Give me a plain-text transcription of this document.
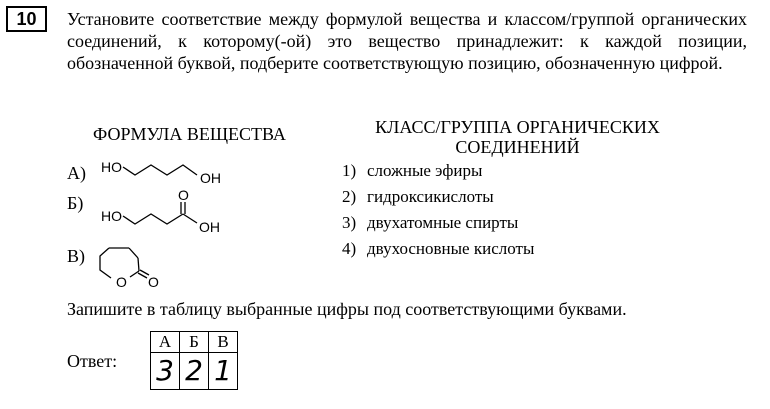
10	Установите соответствие между формулой вещества и классом/группой органических соединений, к которому(-ой) это вещество принадлежит: к каждой позиции, обозначенной буквой, подберите соответствующую позицию, обозначенную цифрой.

ФОРМУЛА ВЕЩЕСТВА	КЛАСС/ГРУППА ОРГАНИЧЕСКИХ
СОЕДИНЕНИЙ
А) HO
OH
Б)
HO
O
OH
В)
O O
1) сложные эфиры
2) гидроксикислоты
3) двухатомные спирты
4) двухосновные кислоты
Запишите в таблицу выбранные цифры под соответствующими буквами.
Ответ:
А	Б	В
3	2	1
